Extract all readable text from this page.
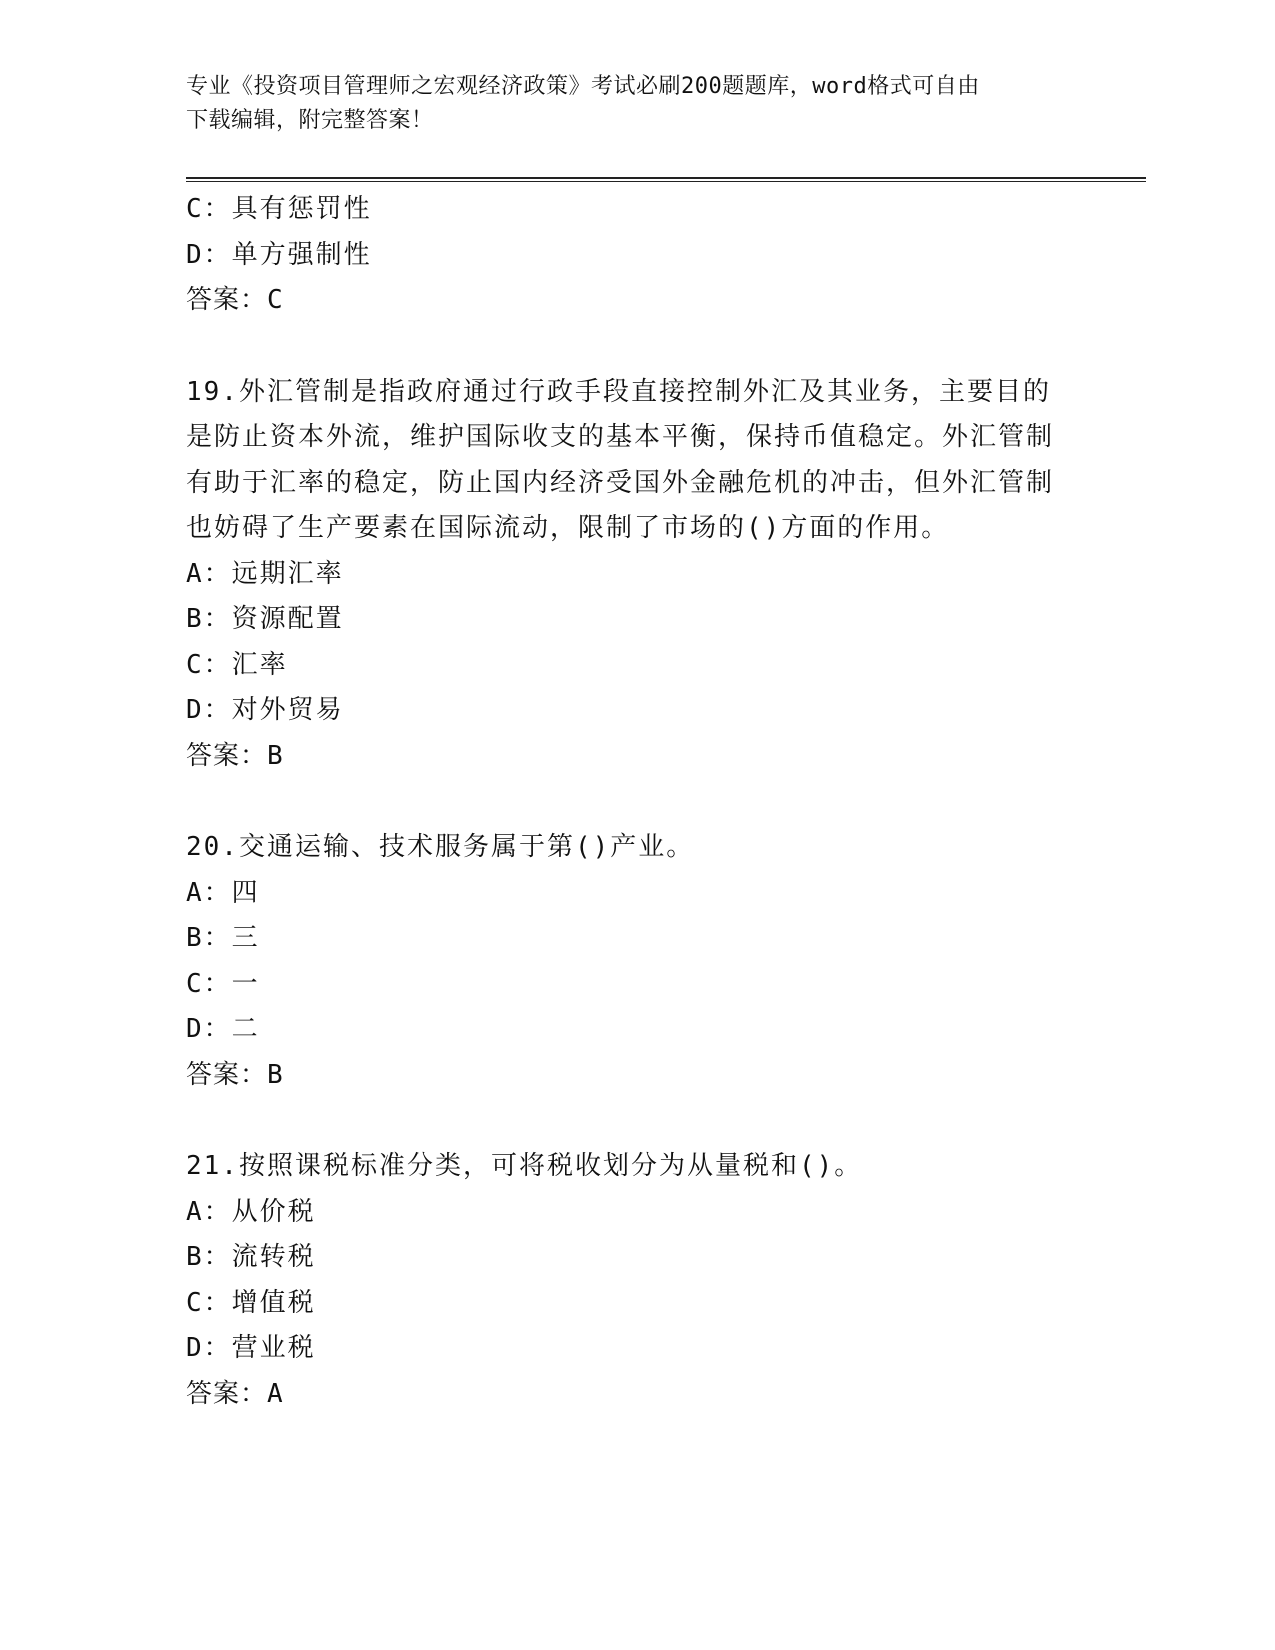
专业《投资项目管理师之宏观经济政策》考试必刷200题题库，word格式可自由
下载编辑，附完整答案！
C：具有惩罚性
D：单方强制性
答案：C
19.外汇管制是指政府通过行政手段直接控制外汇及其业务，主要目的是防止资本外流，维护国际收支的基本平衡，保持币值稳定。外汇管制有助于汇率的稳定，防止国内经济受国外金融危机的冲击，但外汇管制也妨碍了生产要素在国际流动，限制了市场的()方面的作用。
A：远期汇率
B：资源配置
C：汇率
D：对外贸易
答案：B
20.交通运输、技术服务属于第()产业。
A：四
B：三
C：一
D：二
答案：B
21.按照课税标准分类，可将税收划分为从量税和()。
A：从价税
B：流转税
C：增值税
D：营业税
答案：A
